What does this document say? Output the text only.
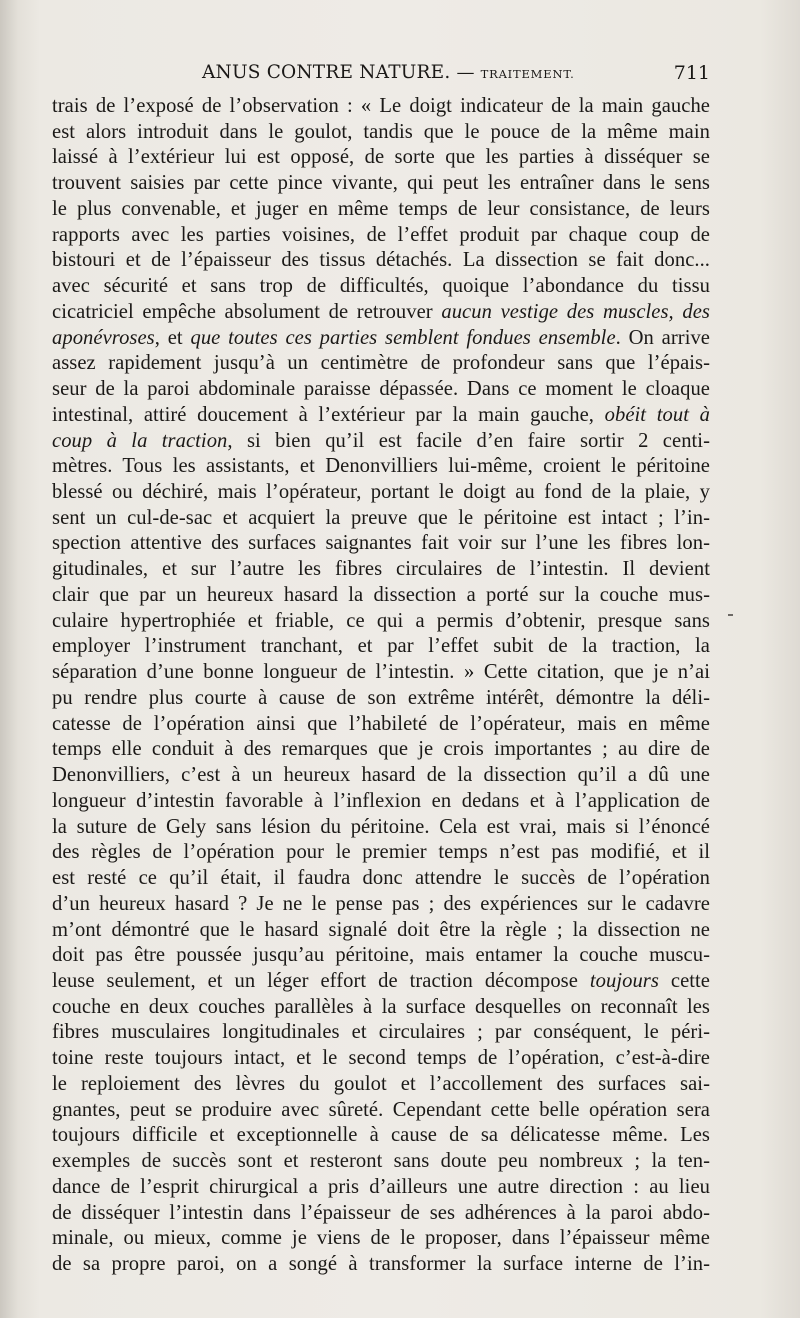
ANUS CONTRE NATURE. — TRAITEMENT.	711
trais de l’exposé de l’observation : « Le doigt indicateur de la main gauche
est alors introduit dans le goulot, tandis que le pouce de la même main
laissé à l’extérieur lui est opposé, de sorte que les parties à disséquer se
trouvent saisies par cette pince vivante, qui peut les entraîner dans le sens
le plus convenable, et juger en même temps de leur consistance, de leurs
rapports avec les parties voisines, de l’effet produit par chaque coup de
bistouri et de l’épaisseur des tissus détachés. La dissection se fait donc...
avec sécurité et sans trop de difficultés, quoique l’abondance du tissu
cicatriciel empêche absolument de retrouver aucun vestige des muscles, des
aponévroses, et que toutes ces parties semblent fondues ensemble. On arrive
assez rapidement jusqu’à un centimètre de profondeur sans que l’épais-
seur de la paroi abdominale paraisse dépassée. Dans ce moment le cloaque
intestinal, attiré doucement à l’extérieur par la main gauche, obéit tout à
coup à la traction, si bien qu’il est facile d’en faire sortir 2 centi-
mètres. Tous les assistants, et Denonvilliers lui-même, croient le péritoine
blessé ou déchiré, mais l’opérateur, portant le doigt au fond de la plaie, y
sent un cul-de-sac et acquiert la preuve que le péritoine est intact ; l’in-
spection attentive des surfaces saignantes fait voir sur l’une les fibres lon-
gitudinales, et sur l’autre les fibres circulaires de l’intestin. Il devient
clair que par un heureux hasard la dissection a porté sur la couche mus-
culaire hypertrophiée et friable, ce qui a permis d’obtenir, presque sans
employer l’instrument tranchant, et par l’effet subit de la traction, la
séparation d’une bonne longueur de l’intestin. » Cette citation, que je n’ai
pu rendre plus courte à cause de son extrême intérêt, démontre la déli-
catesse de l’opération ainsi que l’habileté de l’opérateur, mais en même
temps elle conduit à des remarques que je crois importantes ; au dire de
Denonvilliers, c’est à un heureux hasard de la dissection qu’il a dû une
longueur d’intestin favorable à l’inflexion en dedans et à l’application de
la suture de Gely sans lésion du péritoine. Cela est vrai, mais si l’énoncé
des règles de l’opération pour le premier temps n’est pas modifié, et il
est resté ce qu’il était, il faudra donc attendre le succès de l’opération
d’un heureux hasard ? Je ne le pense pas ; des expériences sur le cadavre
m’ont démontré que le hasard signalé doit être la règle ; la dissection ne
doit pas être poussée jusqu’au péritoine, mais entamer la couche muscu-
leuse seulement, et un léger effort de traction décompose toujours cette
couche en deux couches parallèles à la surface desquelles on reconnaît les
fibres musculaires longitudinales et circulaires ; par conséquent, le péri-
toine reste toujours intact, et le second temps de l’opération, c’est-à-dire
le reploiement des lèvres du goulot et l’accollement des surfaces sai-
gnantes, peut se produire avec sûreté. Cependant cette belle opération sera
toujours difficile et exceptionnelle à cause de sa délicatesse même. Les
exemples de succès sont et resteront sans doute peu nombreux ; la ten-
dance de l’esprit chirurgical a pris d’ailleurs une autre direction : au lieu
de disséquer l’intestin dans l’épaisseur de ses adhérences à la paroi abdo-
minale, ou mieux, comme je viens de le proposer, dans l’épaisseur même
de sa propre paroi, on a songé à transformer la surface interne de l’in-
